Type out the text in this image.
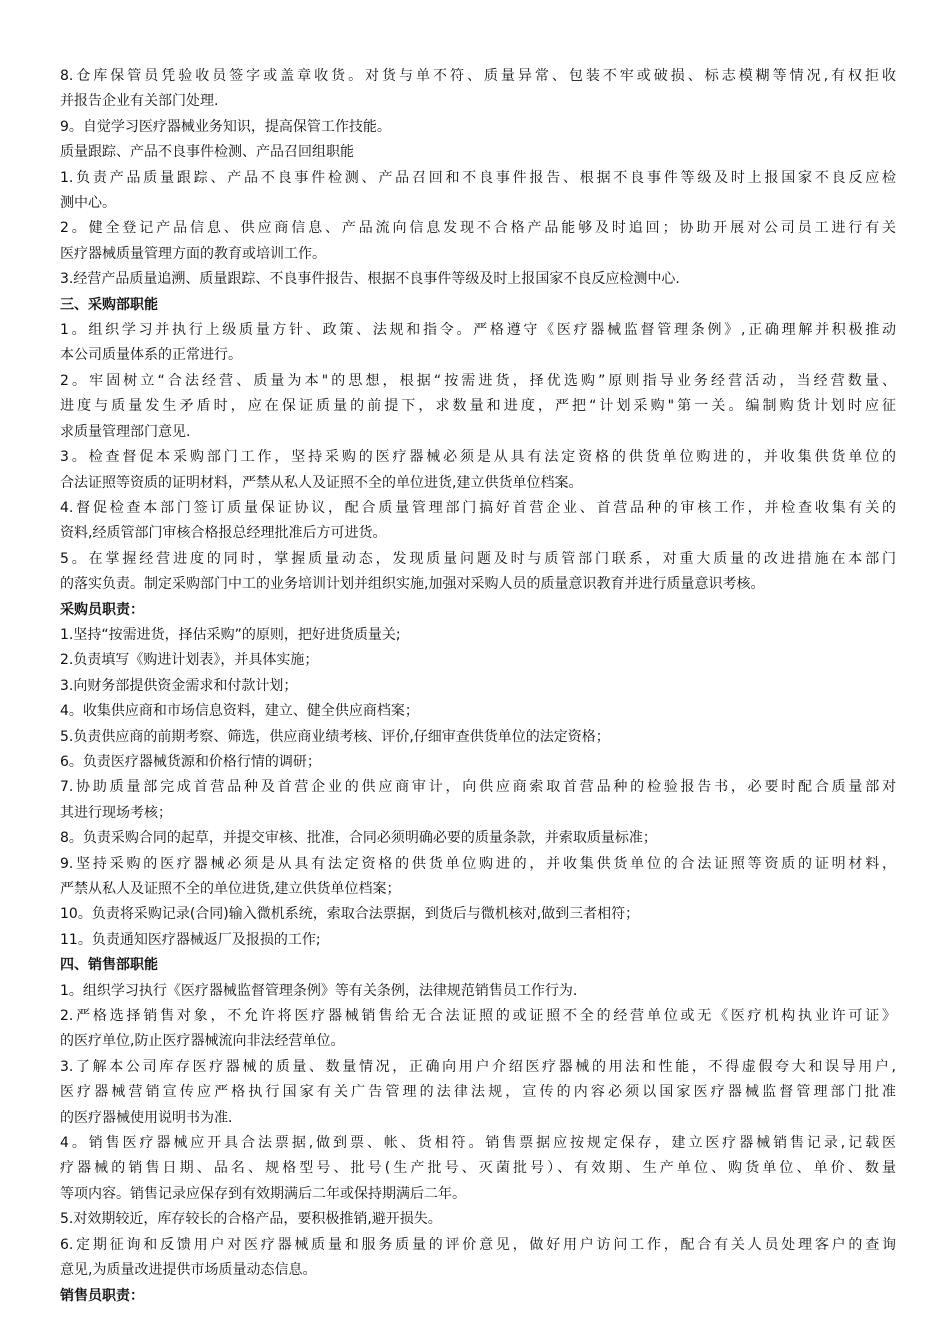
8.仓库保管员凭验收员签字或盖章收货。对货与单不符、质量异常、包装不牢或破损、标志模糊等情况,有权拒收
并报告企业有关部门处理.
9。自觉学习医疗器械业务知识，提高保管工作技能。
质量跟踪、产品不良事件检测、产品召回组职能
1.负责产品质量跟踪、产品不良事件检测、产品召回和不良事件报告、根据不良事件等级及时上报国家不良反应检
测中心。
2。健全登记产品信息、供应商信息、产品流向信息发现不合格产品能够及时追回；协助开展对公司员工进行有关
医疗器械质量管理方面的教育或培训工作。
3.经营产品质量追溯、质量跟踪、不良事件报告、根据不良事件等级及时上报国家不良反应检测中心.
三、采购部职能
1。组织学习并执行上级质量方针、政策、法规和指令。严格遵守《医疗器械监督管理条例》,正确理解并积极推动
本公司质量体系的正常进行。
2。牢固树立“合法经营、质量为本"的思想，根据“按需进货，择优选购”原则指导业务经营活动，当经营数量、
进度与质量发生矛盾时，应在保证质量的前提下，求数量和进度，严把“计划采购"第一关。编制购货计划时应征
求质量管理部门意见.
3。检查督促本采购部门工作，坚持采购的医疗器械必须是从具有法定资格的供货单位购进的，并收集供货单位的
合法证照等资质的证明材料，严禁从私人及证照不全的单位进货,建立供货单位档案。
4.督促检查本部门签订质量保证协议，配合质量管理部门搞好首营企业、首营品种的审核工作，并检查收集有关的
资料,经质管部门审核合格报总经理批准后方可进货。
5。在掌握经营进度的同时，掌握质量动态，发现质量问题及时与质管部门联系，对重大质量的改进措施在本部门
的落实负责。制定采购部门中工的业务培训计划并组织实施,加强对采购人员的质量意识教育并进行质量意识考核。
采购员职责：
1.坚持“按需进货，择估采购”的原则，把好进货质量关;
2.负责填写《购进计划表》，并具体实施；
3.向财务部提供资金需求和付款计划；
4。收集供应商和市场信息资料，建立、健全供应商档案；
5.负责供应商的前期考察、筛选，供应商业绩考核、评价,仔细审查供货单位的法定资格；
6。负责医疗器械货源和价格行情的调研；
7.协助质量部完成首营品种及首营企业的供应商审计，向供应商索取首营品种的检验报告书，必要时配合质量部对
其进行现场考核；
8。负责采购合同的起草，并提交审核、批准，合同必须明确必要的质量条款，并索取质量标准；
9.坚持采购的医疗器械必须是从具有法定资格的供货单位购进的，并收集供货单位的合法证照等资质的证明材料，
严禁从私人及证照不全的单位进货,建立供货单位档案；
10。负责将采购记录(合同)输入微机系统，索取合法票据，到货后与微机核对,做到三者相符；
11。负责通知医疗器械返厂及报损的工作;
四、销售部职能
1。组织学习执行《医疗器械监督管理条例》等有关条例，法律规范销售员工作行为.
2.严格选择销售对象，不允许将医疗器械销售给无合法证照的或证照不全的经营单位或无《医疗机构执业许可证》
的医疗单位,防止医疗器械流向非法经营单位。
3.了解本公司库存医疗器械的质量、数量情况，正确向用户介绍医疗器械的用法和性能，不得虚假夸大和误导用户,
医疗器械营销宣传应严格执行国家有关广告管理的法律法规，宣传的内容必须以国家医疗器械监督管理部门批准
的医疗器械使用说明书为准.
4。销售医疗器械应开具合法票据,做到票、帐、货相符。销售票据应按规定保存，建立医疗器械销售记录,记载医
疗器械的销售日期、品名、规格型号、批号(生产批号、灭菌批号）、有效期、生产单位、购货单位、单价、数量
等项内容。销售记录应保存到有效期满后二年或保持期满后二年。
5.对效期较近，库存较长的合格产品，要积极推销,避开损失。
6.定期征询和反馈用户对医疗器械质量和服务质量的评价意见，做好用户访问工作，配合有关人员处理客户的查询
意见,为质量改进提供市场质量动态信息。
销售员职责：
